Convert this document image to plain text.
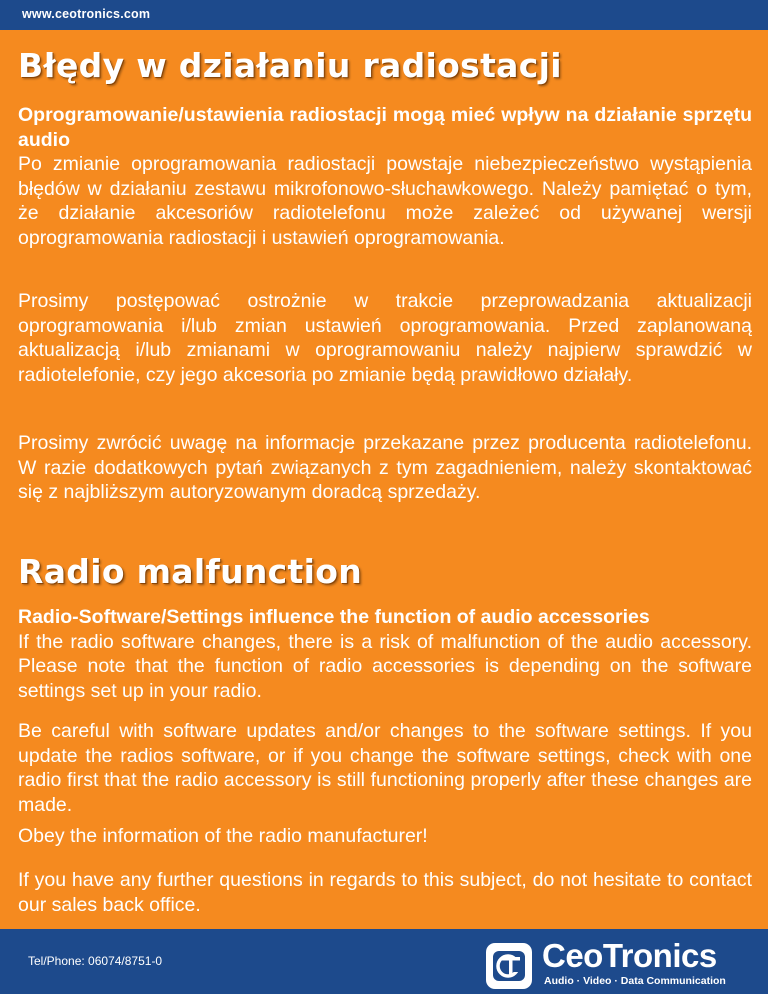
www.ceotronics.com
Błędy w działaniu radiostacji

Oprogramowanie/ustawienia radiostacji mogą mieć wpływ na działanie sprzętu audio
Po zmianie oprogramowania radiostacji powstaje niebezpieczeństwo wystąpienia błędów w działaniu zestawu mikrofonowo-słuchawkowego. Należy pamiętać o tym, że działanie akcesoriów radiotelefonu może zależeć od używanej wersji oprogramowania radiostacji i ustawień oprogramowania.

Prosimy postępować ostrożnie w trakcie przeprowadzania aktualizacji oprogramowania i/lub zmian ustawień oprogramowania. Przed zaplanowaną aktualizacją i/lub zmianami w oprogramowaniu należy najpierw sprawdzić w radiotelefonie, czy jego akcesoria po zmianie będą prawidłowo działały.

Prosimy zwrócić uwagę na informacje przekazane przez producenta radiotelefonu. W razie dodatkowych pytań związanych z tym zagadnieniem, należy skontaktować się z najbliższym autoryzowanym doradcą sprzedaży.

Radio malfunction

Radio-Software/Settings influence the function of audio accessories
If the radio software changes, there is a risk of malfunction of the audio accessory. Please note that the function of radio accessories is depending on the software settings set up in your radio.

Be careful with software updates and/or changes to the software settings. If you update the radios software, or if you change the software settings, check with one radio first that the radio accessory is still functioning properly after these changes are made.

Obey the information of the radio manufacturer!

If you have any further questions in regards to this subject, do not hesitate to contact our sales back office.

Tel/Phone: 06074/8751-0	CeoTronics
Audio · Video · Data Communication
